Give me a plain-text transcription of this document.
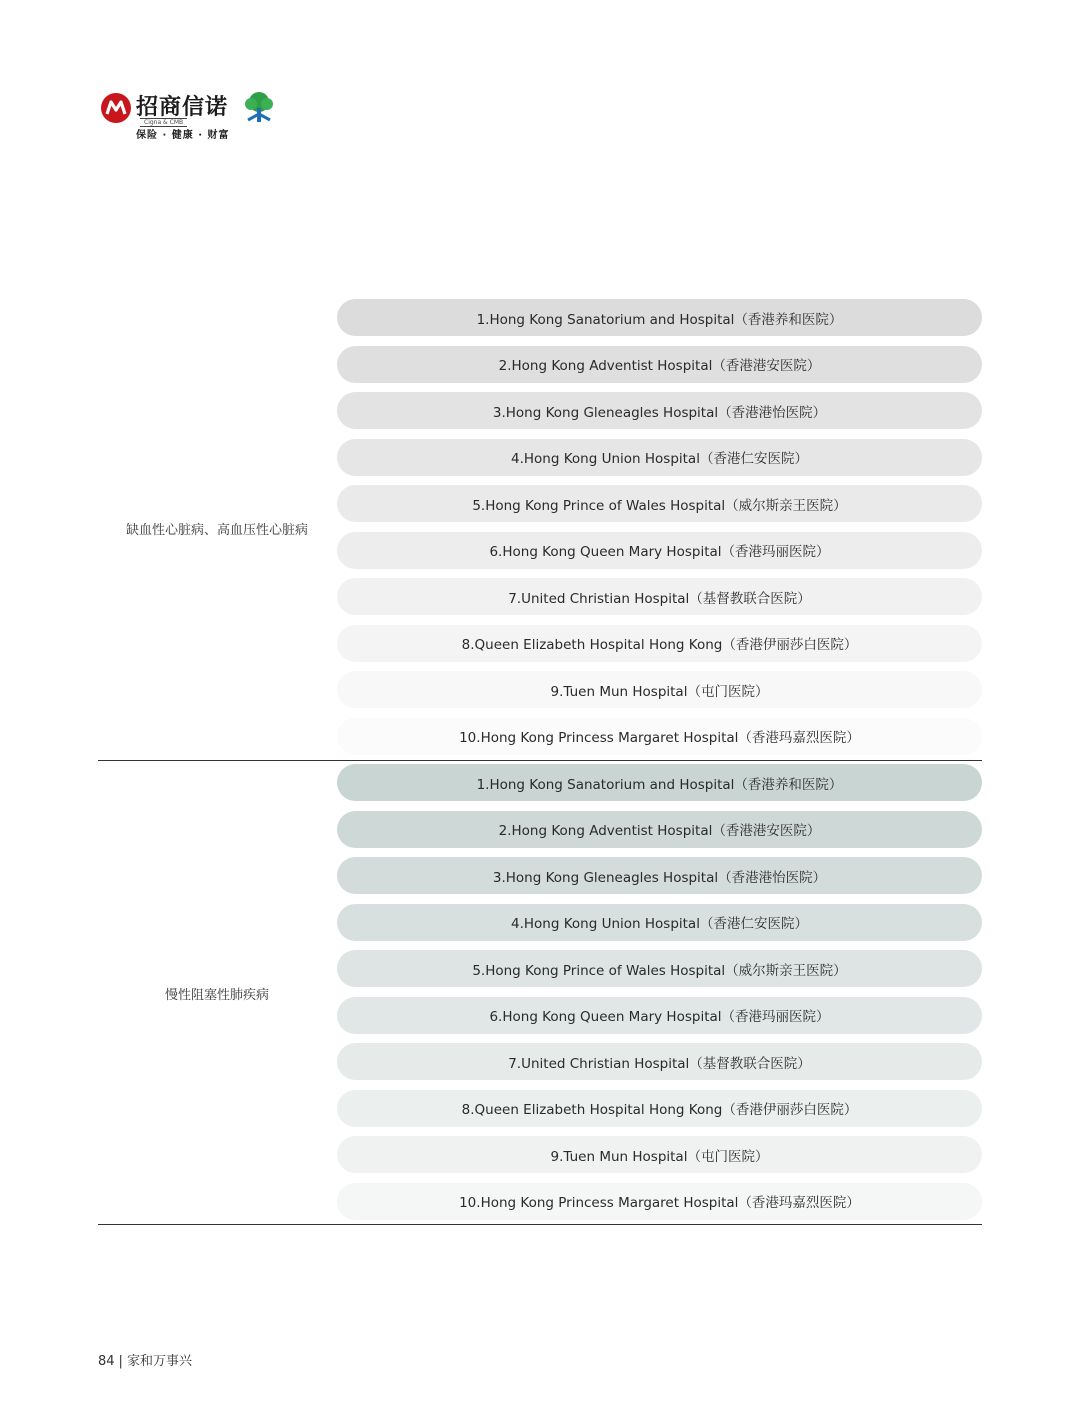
招商信诺
Cigna & CMB
保险 · 健康 · 财富
缺血性心脏病、高血压性心脏病
1.Hong Kong Sanatorium and Hospital（香港养和医院）
2.Hong Kong Adventist Hospital（香港港安医院）
3.Hong Kong Gleneagles Hospital（香港港怡医院）
4.Hong Kong Union Hospital（香港仁安医院）
5.Hong Kong Prince of Wales Hospital（威尔斯亲王医院）
6.Hong Kong Queen Mary Hospital（香港玛丽医院）
7.United Christian Hospital（基督教联合医院）
8.Queen Elizabeth Hospital Hong Kong（香港伊丽莎白医院）
9.Tuen Mun Hospital（屯门医院）
10.Hong Kong Princess Margaret Hospital（香港玛嘉烈医院）
慢性阻塞性肺疾病
1.Hong Kong Sanatorium and Hospital（香港养和医院）
2.Hong Kong Adventist Hospital（香港港安医院）
3.Hong Kong Gleneagles Hospital（香港港怡医院）
4.Hong Kong Union Hospital（香港仁安医院）
5.Hong Kong Prince of Wales Hospital（威尔斯亲王医院）
6.Hong Kong Queen Mary Hospital（香港玛丽医院）
7.United Christian Hospital（基督教联合医院）
8.Queen Elizabeth Hospital Hong Kong（香港伊丽莎白医院）
9.Tuen Mun Hospital（屯门医院）
10.Hong Kong Princess Margaret Hospital（香港玛嘉烈医院）
84 | 家和万事兴
